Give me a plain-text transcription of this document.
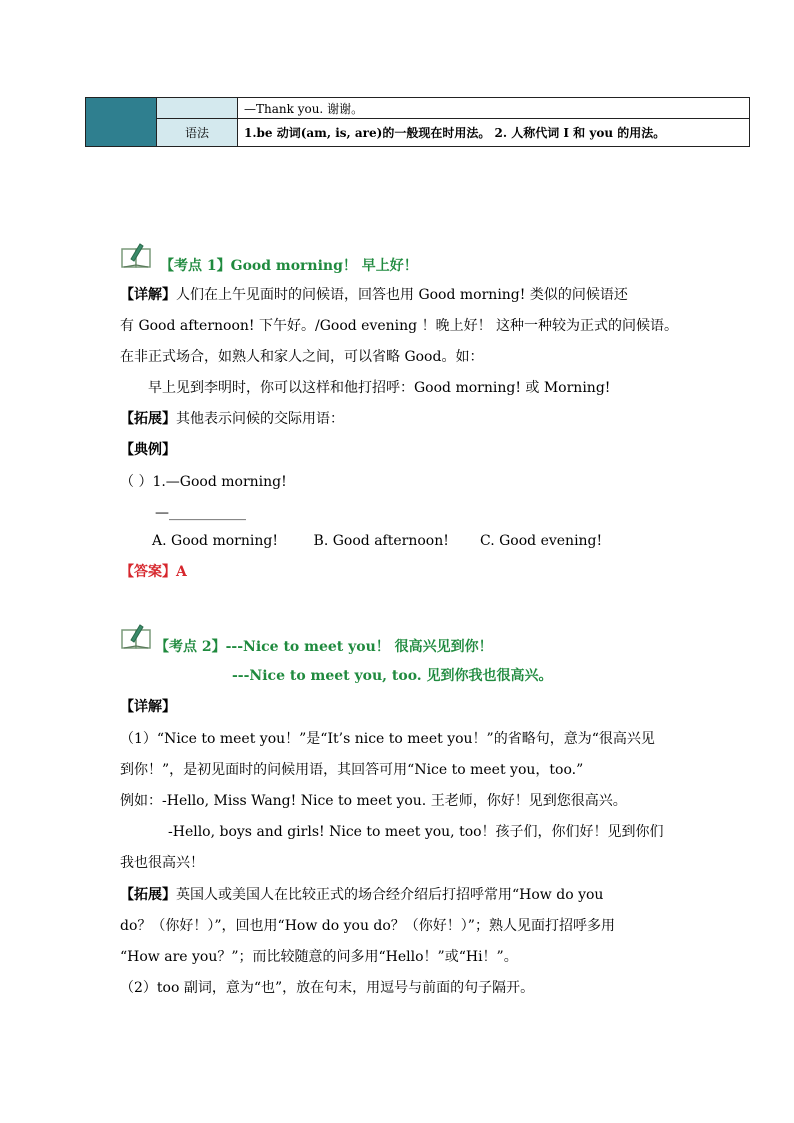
		—Thank you. 谢谢。
	语法	1.be 动词(am, is, are)的一般现在时用法。 2. 人称代词 I 和 you 的用法。
【考点 1】Good morning！ 早上好！
【详解】人们在上午见面时的问候语，回答也用 Good morning! 类似的问候语还
有 Good afternoon! 下午好。/Good evening ！晚上好！ 这种一种较为正式的问候语。
在非正式场合，如熟人和家人之间，可以省略 Good。如：
早上见到李明时，你可以这样和他打招呼：Good morning! 或 Morning!
【拓展】其他表示问候的交际用语：
【典例】
（ ）1.—Good morning!
—___________
A. Good morning!        B. Good afternoon!       C. Good evening!
【答案】A
【考点 2】---Nice to meet you！ 很高兴见到你！
---Nice to meet you, too. 见到你我也很高兴。
【详解】
（1）“Nice to meet you！”是“It’s nice to meet you！”的省略句，意为“很高兴见
到你！”，是初见面时的问候用语，其回答可用“Nice to meet you，too.”
例如：-Hello, Miss Wang! Nice to meet you. 王老师，你好！见到您很高兴。
-Hello, boys and girls! Nice to meet you, too！孩子们，你们好！见到你们
我也很高兴！
【拓展】英国人或美国人在比较正式的场合经介绍后打招呼常用“How do you
do？（你好！）”，回也用“How do you do？（你好！）”；熟人见面打招呼多用
“How are you？”；而比较随意的问多用“Hello！”或“Hi！”。
（2）too 副词，意为“也”，放在句末，用逗号与前面的句子隔开。
